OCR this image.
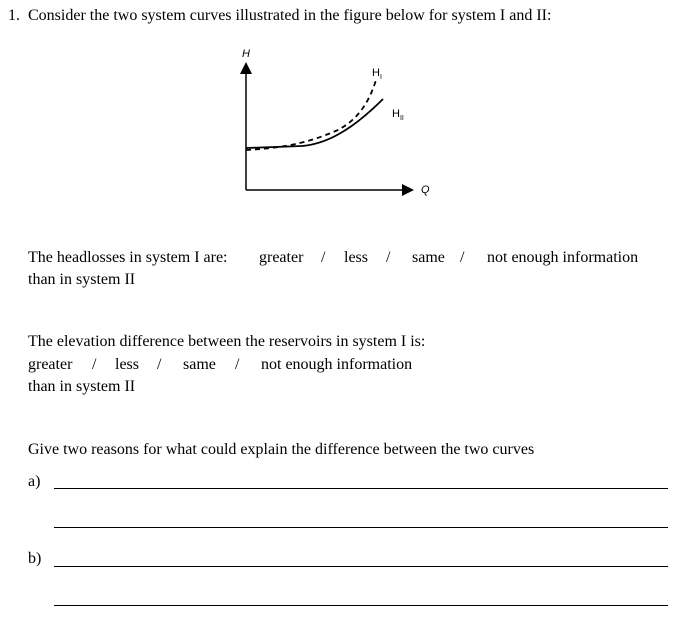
1. Consider the two system curves illustrated in the figure below for system I and II:
H
Q
$H_I$
$H_{II}$
The headlosses in system I are: greater / less / same / not enough information
than in system II
The elevation difference between the reservoirs in system I is:
greater / less / same / not enough information
than in system II
Give two reasons for what could explain the difference between the two curves
a)
b)
